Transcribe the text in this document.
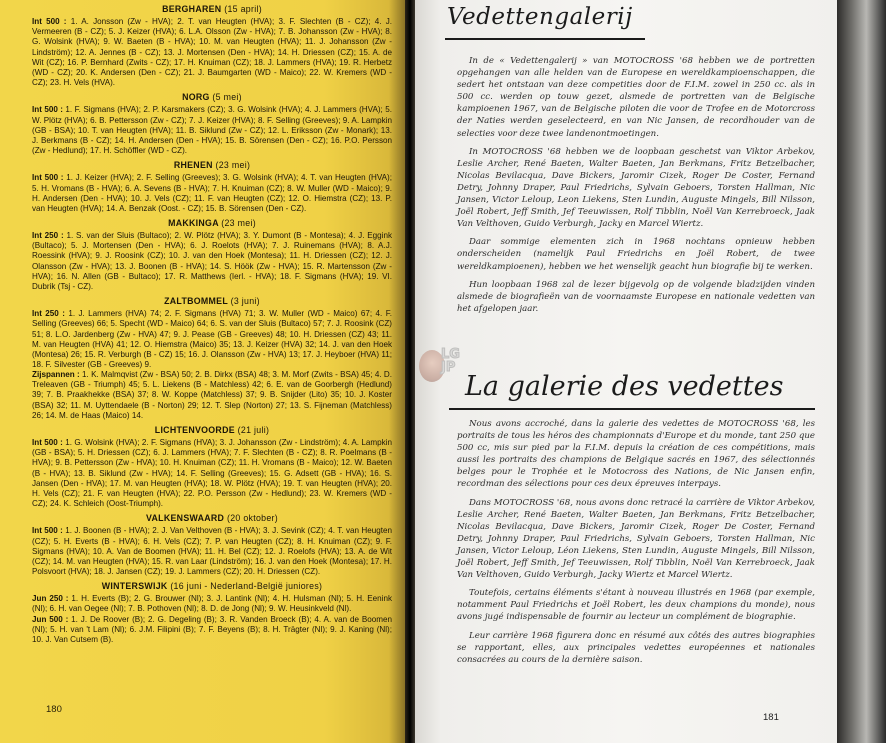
BERGHAREN (15 april)
Int 500 : 1. A. Jonsson (Zw - HVA); 2. T. van Heugten (HVA); 3. F. Slechten (B - CZ); 4. J. Vermeeren (B - CZ); 5. J. Keizer (HVA); 6. L.A. Olsson (Zw - HVA); 7. B. Johansson (Zw - HVA); 8. G. Wolsink (HVA); 9. W. Baeten (B - HVA); 10. M. van Heugten (HVA); 11. J. Johansson (Zw - Lindström); 12. A. Jennes (B - CZ); 13. J. Mortensen (Den - HVA); 14. H. Driessen (CZ); 15. A. de Wit (CZ); 16. P. Bernhard (Zwits - CZ); 17. H. Knuiman (CZ); 18. J. Lammers (HVA); 19. R. Herbetz (WD - CZ); 20. K. Andersen (Den - CZ); 21. J. Baumgarten (WD - Maico); 22. W. Kremers (WD - CZ); 23. H. Vels (HVA).
NORG (5 mei)
Int 500 : 1. F. Sigmans (HVA); 2. P. Karsmakers (CZ); 3. G. Wolsink (HVA); 4. J. Lammers (HVA); 5. W. Plötz (HVA); 6. B. Pettersson (Zw - CZ); 7. J. Keizer (HVA); 8. F. Selling (Greeves); 9. A. Lampkin (GB - BSA); 10. T. van Heugten (HVA); 11. B. Siklund (Zw - CZ); 12. L. Eriksson (Zw - Monark); 13. J. Berkmans (B - CZ); 14. H. Andersen (Den - HVA); 15. B. Sörensen (Den - CZ); 16. P.O. Persson (Zw - Hedlund); 17. H. Schöffler (WD - CZ).
RHENEN (23 mei)
Int 500 : 1. J. Keizer (HVA); 2. F. Selling (Greeves); 3. G. Wolsink (HVA); 4. T. van Heugten (HVA); 5. H. Vromans (B - HVA); 6. A. Sevens (B - HVA); 7. H. Knuiman (CZ); 8. W. Muller (WD - Maico); 9. H. Andersen (Den - HVA); 10. J. Vels (CZ); 11. F. van Heugten (CZ); 12. O. Hiemstra (CZ); 13. P. van Heugten (HVA); 14. A. Benzak (Oost. - CZ); 15. B. Sörensen (Den - CZ).
MAKKINGA (23 mei)
Int 250 : 1. S. van der Sluis (Bultaco); 2. W. Plötz (HVA); 3. Y. Dumont (B - Montesa); 4. J. Eggink (Bultaco); 5. J. Mortensen (Den - HVA); 6. J. Roelots (HVA); 7. J. Ruinemans (HVA); 8. A.J. Roessink (HVA); 9. J. Roosink (CZ); 10. J. van den Hoek (Montesa); 11. H. Driessen (CZ); 12. J. Olansson (Zw - HVA); 13. J. Boonen (B - HVA); 14. S. Höök (Zw - HVA); 15. R. Martensson (Zw - HVA); 16. N. Allen (GB - Bultaco); 17. R. Matthews (Ierl. - HVA); 18. F. Sigmans (HVA); 19. VI. Dubrik (Tsj - CZ).
ZALTBOMMEL (3 juni)
Int 250 : 1. J. Lammers (HVA) 74; 2. F. Sigmans (HVA) 71; 3. W. Muller (WD - Maico) 67; 4. F. Selling (Greeves) 66; 5. Specht (WD - Maico) 64; 6. S. van der Sluis (Bultaco) 57; 7. J. Roosink (CZ) 51; 8. L.O. Jardenberg (Zw - HVA) 47; 9. J. Pease (GB - Greeves) 48; 10. H. Driessen (CZ) 43; 11. M. van Heugten (HVA) 41; 12. O. Hiemstra (Maico) 35; 13. J. Keizer (HVA) 32; 14. J. van den Hoek (Montesa) 26; 15. R. Verburgh (B - CZ) 15; 16. J. Olansson (Zw - HVA) 13; 17. J. Heyboer (HVA) 11; 18. F. Silvester (GB - Greeves) 9.
Zijspannen : 1. K. Malmqvist (Zw - BSA) 50; 2. B. Dirkx (BSA) 48; 3. M. Morf (Zwits - BSA) 45; 4. D. Treleaven (GB - Triumph) 45; 5. L. Liekens (B - Matchless) 42; 6. E. van de Goorbergh (Hedlund) 39; 7. B. Praakhekke (BSA) 37; 8. W. Koppe (Matchless) 37; 9. B. Snijder (Lito) 35; 10. J. Koster (BSA) 32; 11. M. Uyttendaele (B - Norton) 29; 12. T. Slep (Norton) 27; 13. S. Fijneman (Matchless) 26; 14. M. de Haas (Maico) 14.
LICHTENVOORDE (21 juli)
Int 500 : 1. G. Wolsink (HVA); 2. F. Sigmans (HVA); 3. J. Johansson (Zw - Lindström); 4. A. Lampkin (GB - BSA); 5. H. Driessen (CZ); 6. J. Lammers (HVA); 7. F. Slechten (B - CZ); 8. R. Poelmans (B - HVA); 9. B. Pettersson (Zw - HVA); 10. H. Knuiman (CZ); 11. H. Vromans (B - Maico); 12. W. Baeten (B - HVA); 13. B. Siklund (Zw - HVA); 14. F. Selling (Greeves); 15. G. Adsett (GB - HVA); 16. S. Jansen (Den - HVA); 17. M. van Heugten (HVA); 18. W. Plötz (HVA); 19. T. van Heugten (HVA); 20. H. Vels (CZ); 21. F. van Heugten (HVA); 22. P.O. Persson (Zw - Hedlund); 23. W. Kremers (WD - CZ); 24. K. Schleich (Oost-Triumph).
VALKENSWAARD (20 oktober)
Int 500 : 1. J. Boonen (B - HVA); 2. J. Van Velthoven (B - HVA); 3. J. Sevink (CZ); 4. T. van Heugten (CZ); 5. H. Everts (B - HVA); 6. H. Vels (CZ); 7. P. van Heugten (CZ); 8. H. Knuiman (CZ); 9. F. Sigmans (HVA); 10. A. Van de Boomen (HVA); 11. H. Bel (CZ); 12. J. Roelofs (HVA); 13. A. de Wit (CZ); 14. M. van Heugten (HVA); 15. R. van Laar (Lindström); 16. J. van den Hoek (Montesa); 17. H. Polsvoort (HVA); 18. J. Jansen (CZ); 19. J. Lammers (CZ); 20. H. Driessen (CZ).
WINTERSWIJK (16 juni - Nederland-België juniores)
Jun 250 : 1. H. Everts (B); 2. G. Brouwer (Nl); 3. J. Lantink (Nl); 4. H. Hulsman (Nl); 5. H. Eenink (Nl); 6. H. van Oegee (Nl); 7. B. Pothoven (Nl); 8. D. de Jong (Nl); 9. W. Heusinkveld (Nl).
Jun 500 : 1. J. De Roover (B); 2. G. Degeling (B); 3. R. Vanden Broeck (B); 4. A. van de Boomen (Nl); 5. H. van 't Lam (Nl); 6. J.M. Filipini (B); 7. F. Beyens (B); 8. H. Trägter (Nl); 9. J. Kaning (Nl); 10. J. Van Cutsem (B).
180
Vedettengalerij

In de « Vedettengalerij » van MOTOCROSS '68 hebben we de portretten opgehangen van alle helden van de Europese en wereldkampioenschappen, die sedert het ontstaan van deze competities door de F.I.M. zowel in 250 cc. als in 500 cc. werden op touw gezet, alsmede de portretten van de Belgische kampioenen 1967, van de Belgische piloten die voor de Trofee en de Motorcross der Naties werden geselecteerd, en van Nic Jansen, de recordhouder van de selecties voor deze twee landenontmoetingen.

In MOTOCROSS '68 hebben we de loopbaan geschetst van Viktor Arbekov, Leslie Archer, René Baeten, Walter Baeten, Jan Berkmans, Fritz Betzelbacher, Nicolas Bevilacqua, Dave Bickers, Jaromir Cizek, Roger De Coster, Fernand Detry, Johnny Draper, Paul Friedrichs, Sylvain Geboers, Torsten Hallman, Nic Jansen, Victor Leloup, Leon Liekens, Sten Lundin, Auguste Mingels, Bill Nilsson, Joël Robert, Jeff Smith, Jef Teeuwissen, Rolf Tibblin, Noël Van Kerrebroeck, Jaak Van Velthoven, Guido Verburgh, Jacky en Marcel Wiertz.

Daar sommige elementen zich in 1968 nochtans opnieuw hebben onderscheiden (namelijk Paul Friedrichs en Joël Robert, de twee wereldkampioenen), hebben we het wenselijk geacht hun biografie bij te werken.

Hun loopbaan 1968 zal de lezer bijgevolg op de volgende bladzijden vinden alsmede de biografieën van de voornaamste Europese en nationale vedetten van het afgelopen jaar.

LG
JP
La galerie des vedettes

Nous avons accroché, dans la galerie des vedettes de MOTOCROSS '68, les portraits de tous les héros des championnats d'Europe et du monde, tant 250 que 500 cc, mis sur pied par la F.I.M. depuis la création de ces compétitions, mais aussi les portraits des champions de Belgique sacrés en 1967, des sélectionnés belges pour le Trophée et le Motocross des Nations, de Nic Jansen enfin, recordman des sélections pour ces deux épreuves interpays.

Dans MOTOCROSS '68, nous avons donc retracé la carrière de Viktor Arbekov, Leslie Archer, René Baeten, Walter Baeten, Jan Berkmans, Fritz Betzelbacher, Nicolas Bevilacqua, Dave Bickers, Jaromir Cizek, Roger De Coster, Fernand Detry, Johnny Draper, Paul Friedrichs, Sylvain Geboers, Torsten Hallman, Nic Jansen, Victor Leloup, Léon Liekens, Sten Lundin, Auguste Mingels, Bill Nilsson, Joël Robert, Jeff Smith, Jef Teeuwissen, Rolf Tibblin, Noël Van Kerrebroeck, Jaak Van Velthoven, Guido Verburgh, Jacky Wiertz et Marcel Wiertz.

Toutefois, certains éléments s'étant à nouveau illustrés en 1968 (par exemple, notamment Paul Friedrichs et Joël Robert, les deux champions du monde), nous avons jugé indispensable de fournir au lecteur un complément de biographie.

Leur carrière 1968 figurera donc en résumé aux côtés des autres biographies se rapportant, elles, aux principales vedettes européennes et nationales consacrées au cours de la dernière saison.

181
